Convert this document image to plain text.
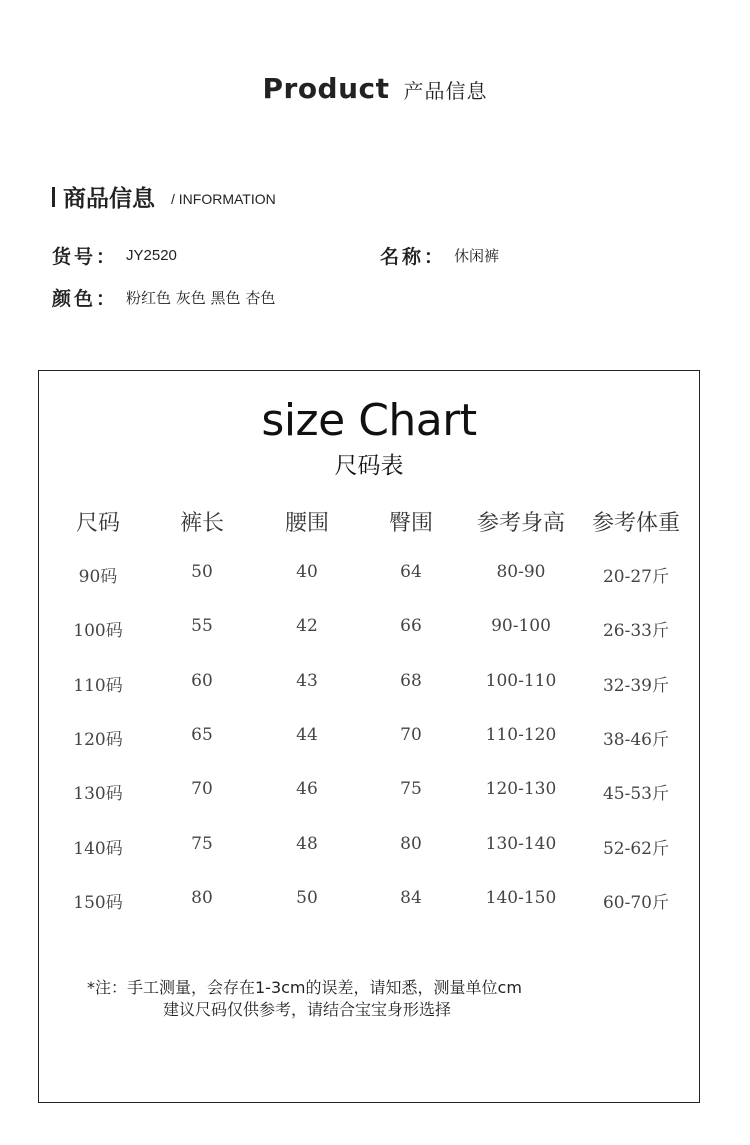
Product 产品信息
商品信息 / INFORMATION
货号： JY2520	名称： 休闲裤
颜色： 粉红色 灰色 黑色 杏色
size Chart
尺码表
尺码	裤长	腰围	臀围	参考身高	参考体重
90码	50	40	64	80-90	20-27斤
100码	55	42	66	90-100	26-33斤
110码	60	43	68	100-110	32-39斤
120码	65	44	70	110-120	38-46斤
130码	70	46	75	120-130	45-53斤
140码	75	48	80	130-140	52-62斤
150码	80	50	84	140-150	60-70斤
*注：手工测量，会存在1-3cm的误差，请知悉，测量单位cm
建议尺码仅供参考，请结合宝宝身形选择
